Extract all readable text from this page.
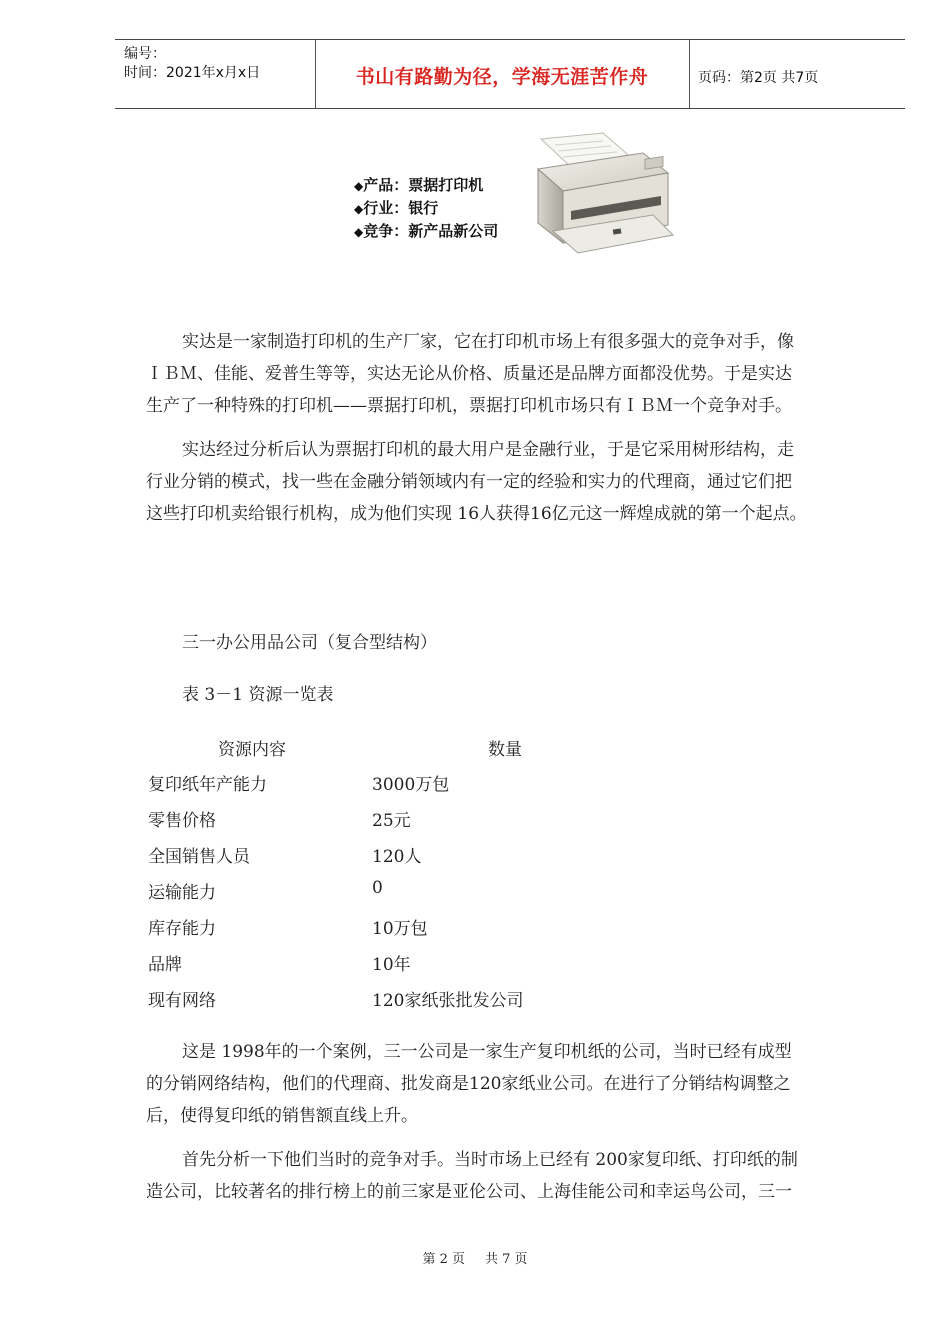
编号：
时间：2021年x月x日	书山有路勤为径，学海无涯苦作舟	页码：第2页 共7页
◆产品：票据打印机
◆行业：银行
◆竞争：新产品新公司
实达是一家制造打印机的生产厂家，它在打印机市场上有很多强大的竞争对手，像
ＩＢＭ、佳能、爱普生等等，实达无论从价格、质量还是品牌方面都没优势。于是实达
生产了一种特殊的打印机——票据打印机，票据打印机市场只有ＩＢＭ一个竞争对手。
实达经过分析后认为票据打印机的最大用户是金融行业，于是它采用树形结构，走
行业分销的模式，找一些在金融分销领域内有一定的经验和实力的代理商，通过它们把
这些打印机卖给银行机构，成为他们实现 16人获得16亿元这一辉煌成就的第一个起点。
三一办公用品公司（复合型结构）
表 3－1 资源一览表
资源内容	数量
复印纸年产能力	3000万包
零售价格	25元
全国销售人员	120人
运输能力	0
库存能力	10万包
品牌	10年
现有网络	120家纸张批发公司
这是 1998年的一个案例，三一公司是一家生产复印机纸的公司，当时已经有成型
的分销网络结构，他们的代理商、批发商是120家纸业公司。在进行了分销结构调整之
后，使得复印纸的销售额直线上升。
首先分析一下他们当时的竞争对手。当时市场上已经有 200家复印纸、打印纸的制
造公司，比较著名的排行榜上的前三家是亚伦公司、上海佳能公司和幸运鸟公司，三一
第 2 页 共 7 页
